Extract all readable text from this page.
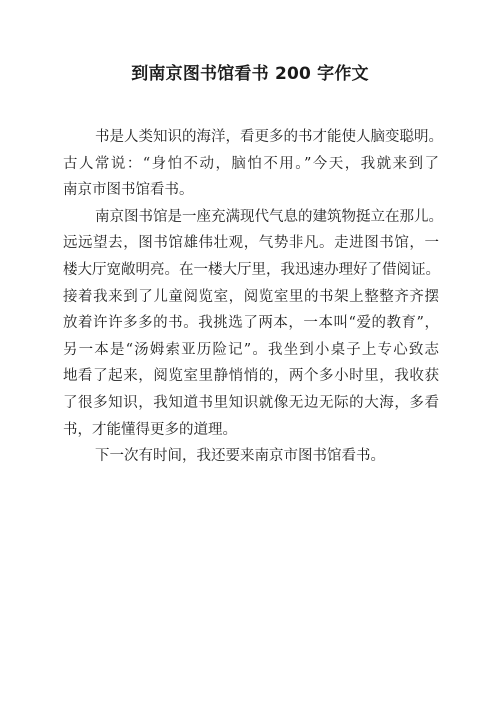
到南京图书馆看书 200 字作文
书是人类知识的海洋，看更多的书才能使人脑变聪明。
古人常说：“身怕不动，脑怕不用。”今天，我就来到了
南京市图书馆看书。
南京图书馆是一座充满现代气息的建筑物挺立在那儿。
远远望去，图书馆雄伟壮观，气势非凡。走进图书馆，一
楼大厅宽敞明亮。在一楼大厅里，我迅速办理好了借阅证。
接着我来到了儿童阅览室，阅览室里的书架上整整齐齐摆
放着许许多多的书。我挑选了两本，一本叫“爱的教育”，
另一本是“汤姆索亚历险记”。我坐到小桌子上专心致志
地看了起来，阅览室里静悄悄的，两个多小时里，我收获
了很多知识，我知道书里知识就像无边无际的大海，多看
书，才能懂得更多的道理。
下一次有时间，我还要来南京市图书馆看书。
